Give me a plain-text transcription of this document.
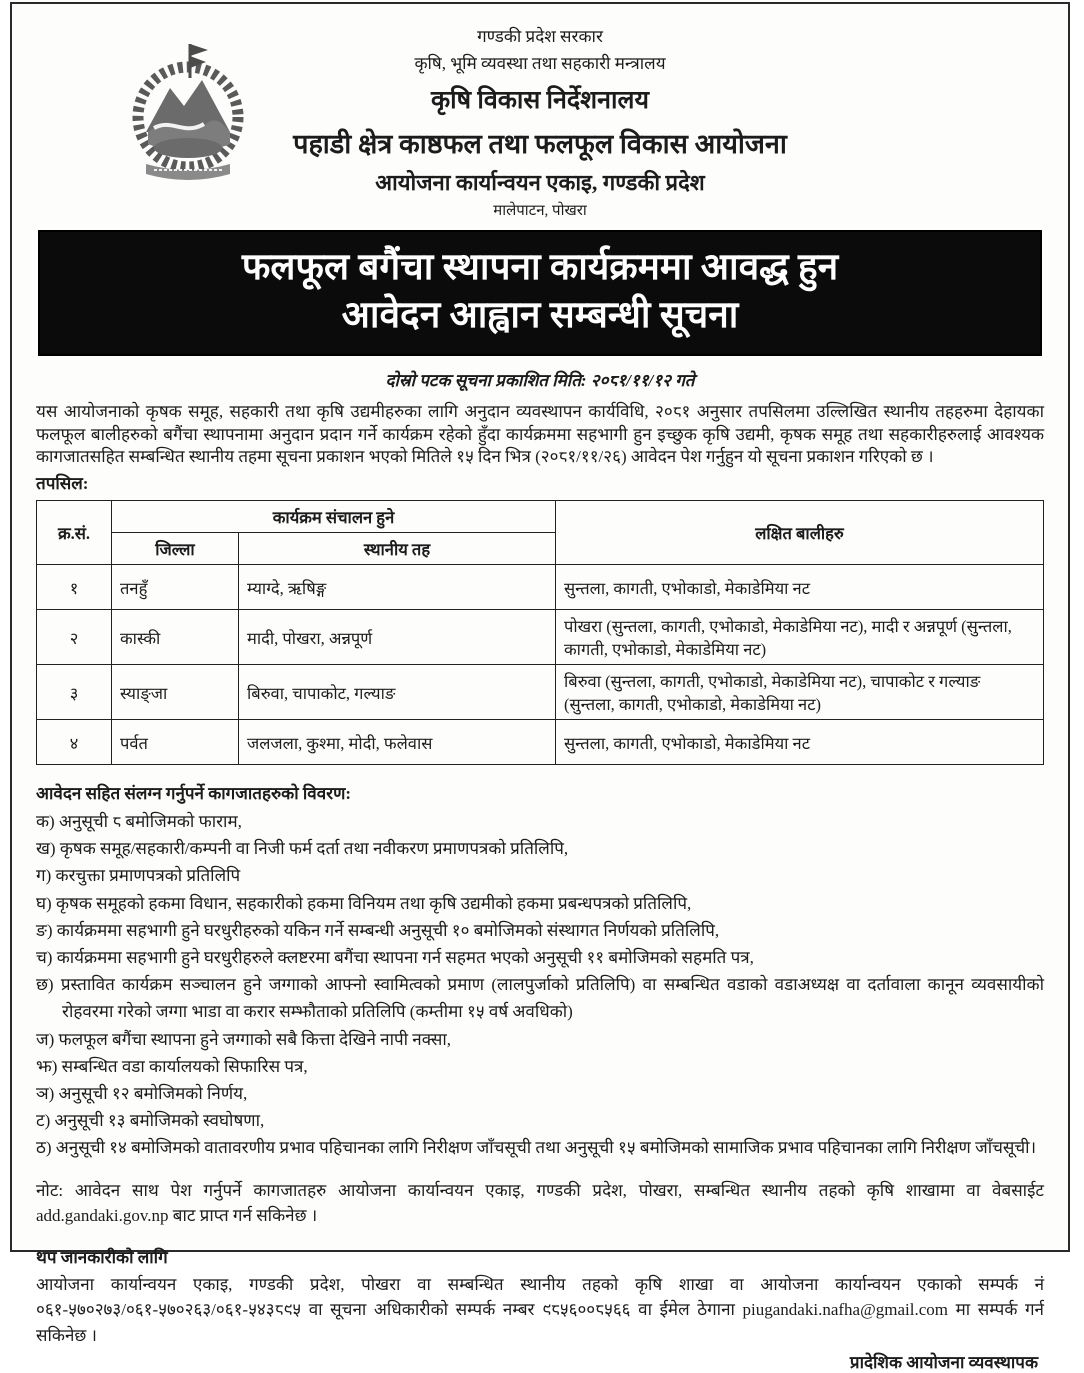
गण्डकी प्रदेश सरकार
कृषि, भूमि व्यवस्था तथा सहकारी मन्त्रालय
कृषि विकास निर्देशनालय
पहाडी क्षेत्र काष्ठफल तथा फलफूल विकास आयोजना
आयोजना कार्यान्वयन एकाइ, गण्डकी प्रदेश
मालेपाटन, पोखरा
फलफूल बगैंचा स्थापना कार्यक्रममा आवद्ध हुन
आवेदन आह्वान सम्बन्धी सूचना
दोस्रो पटक सूचना प्रकाशित मिति: २०८१/११/१२ गते
यस आयोजनाको कृषक समूह, सहकारी तथा कृषि उद्यमीहरुका लागि अनुदान व्यवस्थापन कार्यविधि, २०८१ अनुसार तपसिलमा उल्लिखित स्थानीय तहहरुमा देहायका फलफूल बालीहरुको बगैंचा स्थापनामा अनुदान प्रदान गर्ने कार्यक्रम रहेको हुँदा कार्यक्रममा सहभागी हुन इच्छुक कृषि उद्यमी, कृषक समूह तथा सहकारीहरुलाई आवश्यक कागजातसहित सम्बन्धित स्थानीय तहमा सूचना प्रकाशन भएको मितिले १५ दिन भित्र (२०८१/११/२६) आवेदन पेश गर्नुहुन यो सूचना प्रकाशन गरिएको छ ।
तपसिल:
क्र.सं.	कार्यक्रम संचालन हुने		लक्षित बालीहरु
	जिल्ला	स्थानीय तह	
१	तनहुँ	म्याग्दे, ऋषिङ्ग	सुन्तला, कागती, एभोकाडो, मेकाडेमिया नट
२	कास्की	मादी, पोखरा, अन्नपूर्ण	पोखरा (सुन्तला, कागती, एभोकाडो, मेकाडेमिया नट), मादी र अन्नपूर्ण (सुन्तला, कागती, एभोकाडो, मेकाडेमिया नट)
३	स्याङ्जा	बिरुवा, चापाकोट, गल्याङ	बिरुवा (सुन्तला, कागती, एभोकाडो, मेकाडेमिया नट), चापाकोट र गल्याङ (सुन्तला, कागती, एभोकाडो, मेकाडेमिया नट)
४	पर्वत	जलजला, कुश्मा, मोदी, फलेवास	सुन्तला, कागती, एभोकाडो, मेकाडेमिया नट
आवेदन सहित संलग्न गर्नुपर्ने कागजातहरुको विवरण:
क) अनुसूची ८ बमोजिमको फाराम,
ख) कृषक समूह/सहकारी/कम्पनी वा निजी फर्म दर्ता तथा नवीकरण प्रमाणपत्रको प्रतिलिपि,
ग) करचुक्ता प्रमाणपत्रको प्रतिलिपि
घ) कृषक समूहको हकमा विधान, सहकारीको हकमा विनियम तथा कृषि उद्यमीको हकमा प्रबन्धपत्रको प्रतिलिपि,
ङ) कार्यक्रममा सहभागी हुने घरधुरीहरुको यकिन गर्ने सम्बन्धी अनुसूची १० बमोजिमको संस्थागत निर्णयको प्रतिलिपि,
च) कार्यक्रममा सहभागी हुने घरधुरीहरुले क्लष्टरमा बगैंचा स्थापना गर्न सहमत भएको अनुसूची ११ बमोजिमको सहमति पत्र,
छ) प्रस्तावित कार्यक्रम सञ्चालन हुने जग्गाको आफ्नो स्वामित्वको प्रमाण (लालपुर्जाको प्रतिलिपि) वा सम्बन्धित वडाको वडाअध्यक्ष वा दर्तावाला कानून व्यवसायीको रोहवरमा गरेको जग्गा भाडा वा करार सम्झौताको प्रतिलिपि (कम्तीमा १५ वर्ष अवधिको)
ज) फलफूल बगैंचा स्थापना हुने जग्गाको सबै कित्ता देखिने नापी नक्सा,
झ) सम्बन्धित वडा कार्यालयको सिफारिस पत्र,
ञ) अनुसूची १२ बमोजिमको निर्णय,
ट) अनुसूची १३ बमोजिमको स्वघोषणा,
ठ) अनुसूची १४ बमोजिमको वातावरणीय प्रभाव पहिचानका लागि निरीक्षण जाँचसूची तथा अनुसूची १५ बमोजिमको सामाजिक प्रभाव पहिचानका लागि निरीक्षण जाँचसूची।
नोट: आवेदन साथ पेश गर्नुपर्ने कागजातहरु आयोजना कार्यान्वयन एकाइ, गण्डकी प्रदेश, पोखरा, सम्बन्धित स्थानीय तहको कृषि शाखामा वा वेबसाईट add.gandaki.gov.np बाट प्राप्त गर्न सकिनेछ ।
थप जानकारीको लागि
आयोजना कार्यान्वयन एकाइ, गण्डकी प्रदेश, पोखरा वा सम्बन्धित स्थानीय तहको कृषि शाखा वा आयोजना कार्यान्वयन एकाको सम्पर्क नं ०६१-५७०२७३/०६१-५७०२६३/०६१-५४३८९५ वा सूचना अधिकारीको सम्पर्क नम्बर ९८५६००८५६६ वा ईमेल ठेगाना piugandaki.nafha@gmail.com मा सम्पर्क गर्न सकिनेछ ।
प्रादेशिक आयोजना व्यवस्थापक
